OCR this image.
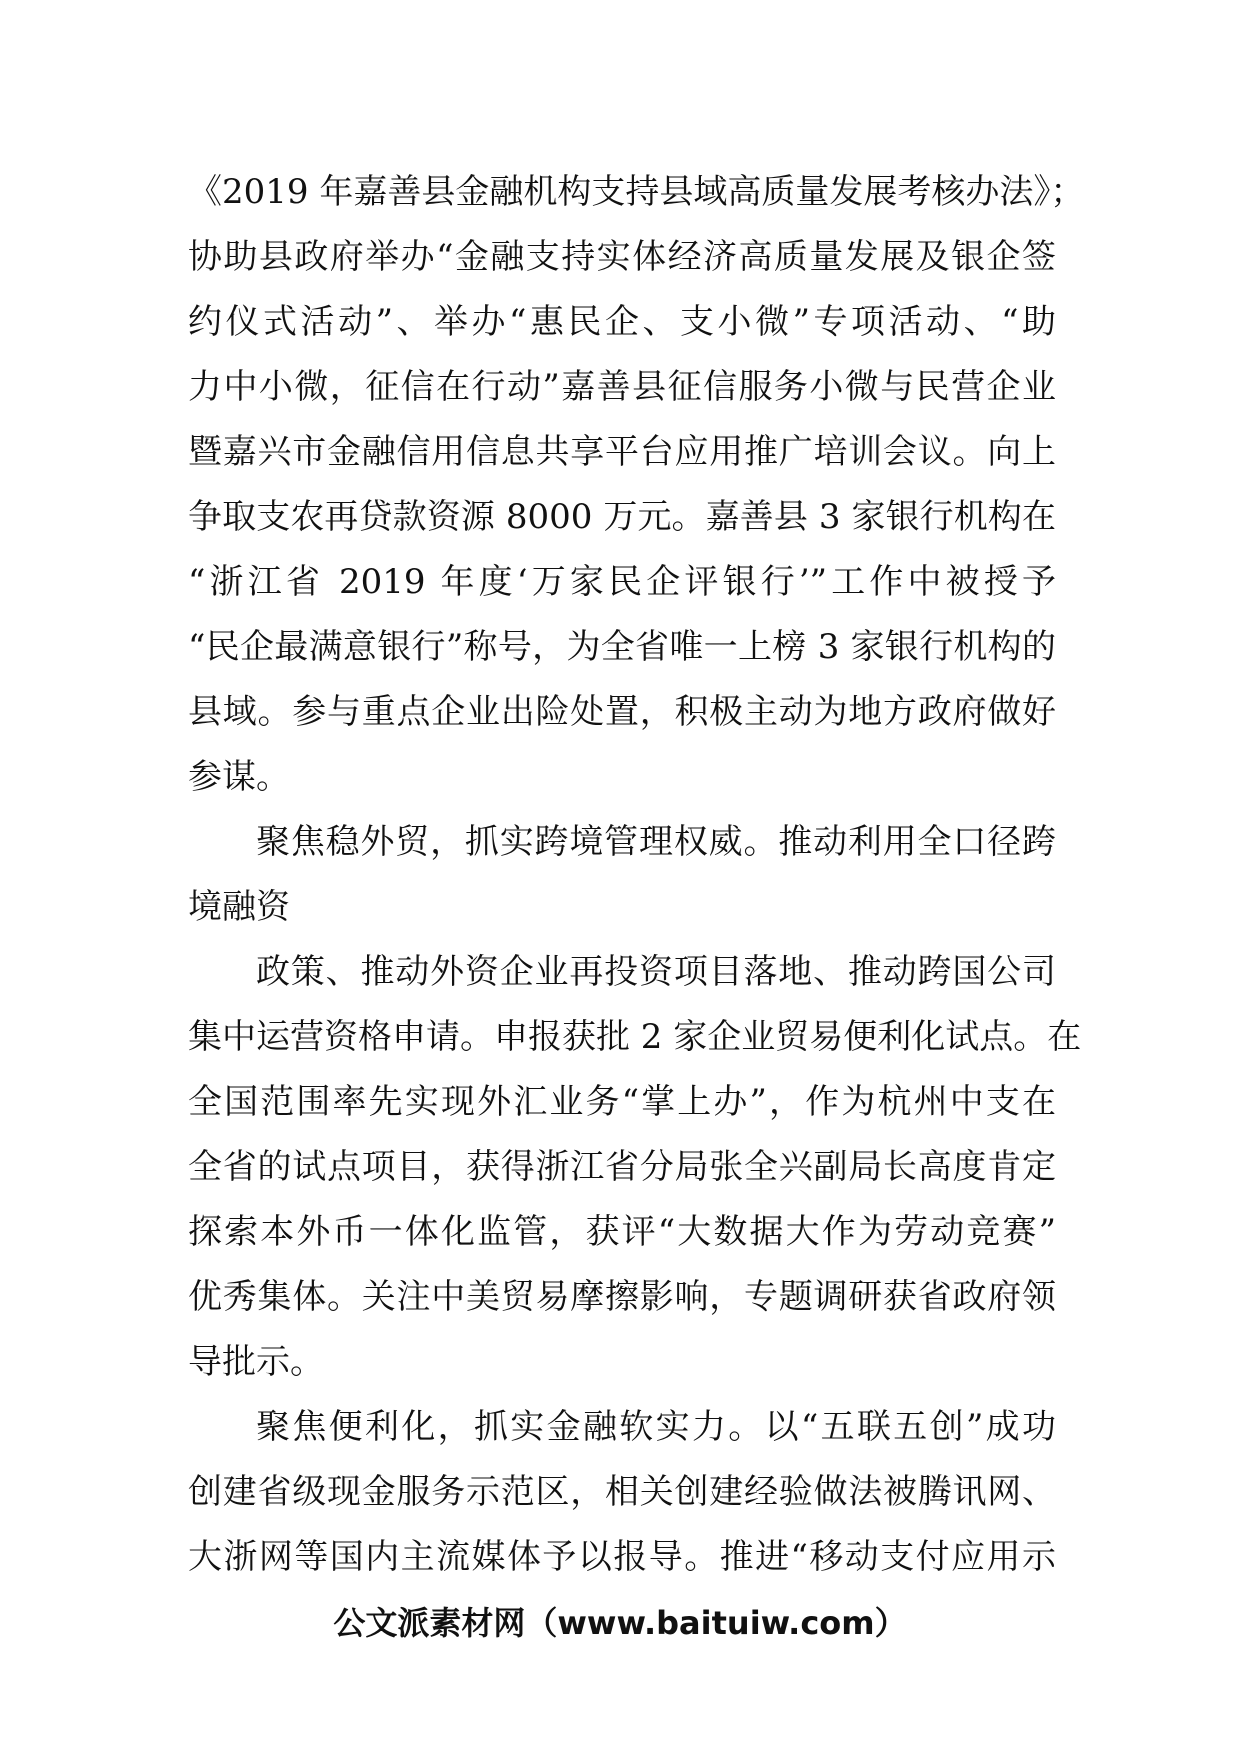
《2019 年嘉善县金融机构支持县域高质量发展考核办法》；
协助县政府举办“金融支持实体经济高质量发展及银企签
约仪式活动”、举办“惠民企、支小微”专项活动、“助
力中小微，征信在行动”嘉善县征信服务小微与民营企业
暨嘉兴市金融信用信息共享平台应用推广培训会议。向上
争取支农再贷款资源 8000 万元。嘉善县 3 家银行机构在
“浙江省 2019 年度‘万家民企评银行’”工作中被授予
“民企最满意银行”称号，为全省唯一上榜 3 家银行机构的
县域。参与重点企业出险处置，积极主动为地方政府做好
参谋。
聚焦稳外贸，抓实跨境管理权威。推动利用全口径跨
境融资
政策、推动外资企业再投资项目落地、推动跨国公司
集中运营资格申请。申报获批 2 家企业贸易便利化试点。在
全国范围率先实现外汇业务“掌上办”，作为杭州中支在
全省的试点项目，获得浙江省分局张全兴副局长高度肯定
探索本外币一体化监管，获评“大数据大作为劳动竞赛”
优秀集体。关注中美贸易摩擦影响，专题调研获省政府领
导批示。
聚焦便利化，抓实金融软实力。以“五联五创”成功
创建省级现金服务示范区，相关创建经验做法被腾讯网、
大浙网等国内主流媒体予以报导。推进“移动支付应用示
公文派素材网（www.baituiw.com）
